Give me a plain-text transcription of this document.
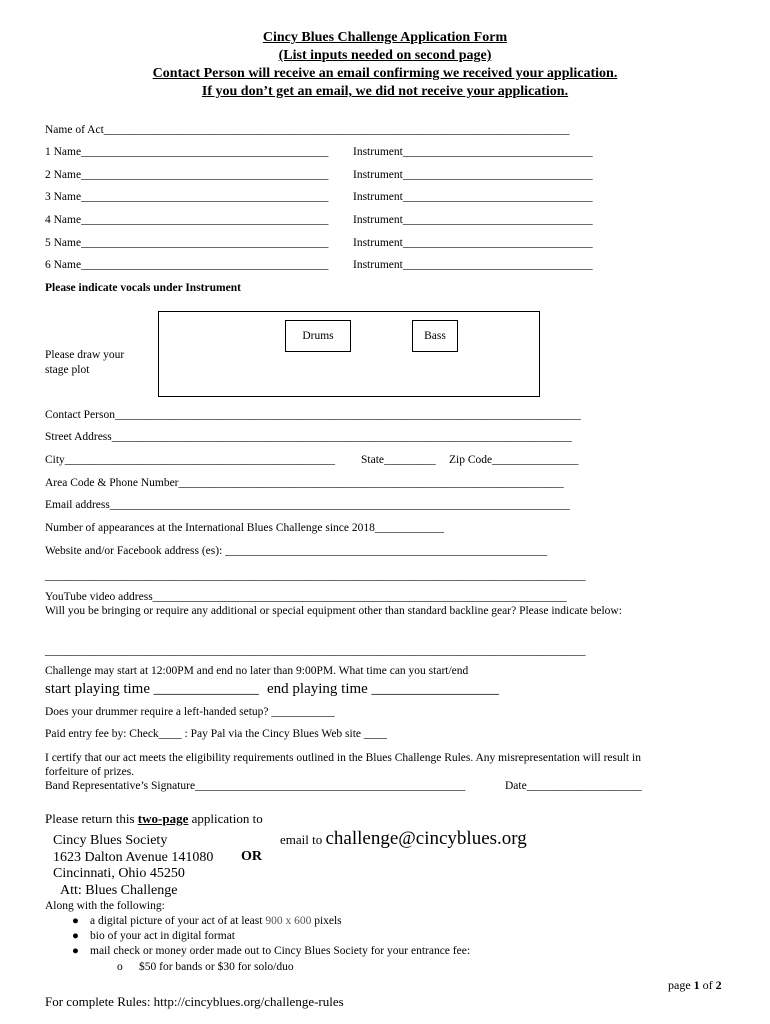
Cincy Blues Challenge Application Form
(List inputs needed on second page)
Contact Person will receive an email confirming we received your application.
If you don’t get an email, we did not receive your application.
Name of Act_________________________________________________________________________________
1 Name___________________________________________ Instrument_________________________________
2 Name___________________________________________ Instrument_________________________________
3 Name___________________________________________ Instrument_________________________________
4 Name___________________________________________ Instrument_________________________________
5 Name___________________________________________ Instrument_________________________________
6 Name___________________________________________ Instrument_________________________________
Please indicate vocals under Instrument
Drums	Bass
Please draw your
stage plot
Contact Person_________________________________________________________________________________
Street Address________________________________________________________________________________
City_______________________________________________ State_________ Zip Code_______________
Area Code & Phone Number___________________________________________________________________
Email address________________________________________________________________________________
Number of appearances at the International Blues Challenge since 2018____________
Website and/or Facebook address (es): ________________________________________________________
______________________________________________________________________________________________
YouTube video address________________________________________________________________________
Will you be bringing or require any additional or special equipment other than standard backline gear? Please indicate below:
______________________________________________________________________________________________
Challenge may start at 12:00PM and end no later than 9:00PM. What time can you start/end
start playing time ______________ end playing time _________________
Does your drummer require a left-handed setup? ___________
Paid entry fee by: Check____ : Pay Pal via the Cincy Blues Web site ____
I certify that our act meets the eligibility requirements outlined in the Blues Challenge Rules. Any misrepresentation will result in
forfeiture of prizes.
Band Representative’s Signature_______________________________________________	Date____________________
Please return this two-page application to
Cincy Blues Society
1623 Dalton Avenue 141080
Cincinnati, Ohio 45250
Att: Blues Challenge
email to challenge@cincyblues.org
OR
Along with the following:
● a digital picture of your act of at least 900 x 600 pixels
● bio of your act in digital format
● mail check or money order made out to Cincy Blues Society for your entrance fee:
o $50 for bands or $30 for solo/duo
page 1 of 2
For complete Rules: http://cincyblues.org/challenge-rules
